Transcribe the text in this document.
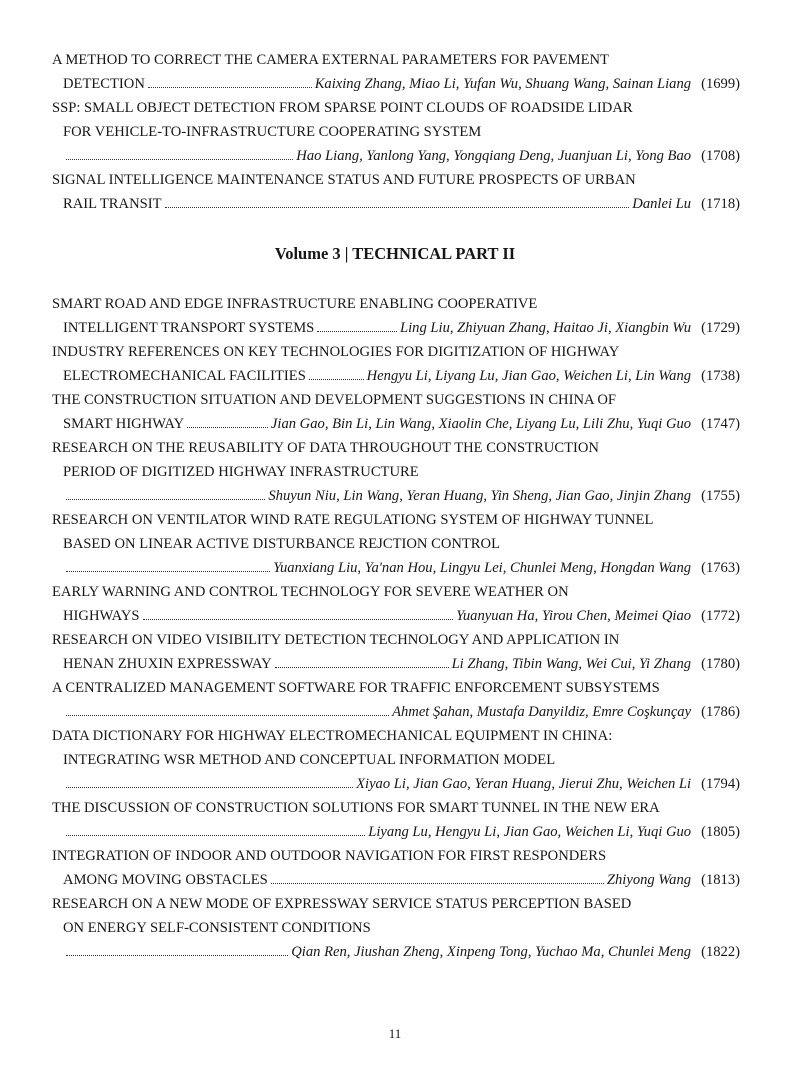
A METHOD TO CORRECT THE CAMERA EXTERNAL PARAMETERS FOR PAVEMENT
DETECTION	Kaixing Zhang, Miao Li, Yufan Wu, Shuang Wang, Sainan Liang (1699)
SSP: SMALL OBJECT DETECTION FROM SPARSE POINT CLOUDS OF ROADSIDE LIDAR
FOR VEHICLE-TO-INFRASTRUCTURE COOPERATING SYSTEM
Hao Liang, Yanlong Yang, Yongqiang Deng, Juanjuan Li, Yong Bao (1708)
SIGNAL INTELLIGENCE MAINTENANCE STATUS AND FUTURE PROSPECTS OF URBAN
RAIL TRANSIT	Danlei Lu (1718)
Volume 3 | TECHNICAL PART II
SMART ROAD AND EDGE INFRASTRUCTURE ENABLING COOPERATIVE
INTELLIGENT TRANSPORT SYSTEMS	Ling Liu, Zhiyuan Zhang, Haitao Ji, Xiangbin Wu (1729)
INDUSTRY REFERENCES ON KEY TECHNOLOGIES FOR DIGITIZATION OF HIGHWAY
ELECTROMECHANICAL FACILITIES	Hengyu Li, Liyang Lu, Jian Gao, Weichen Li, Lin Wang (1738)
THE CONSTRUCTION SITUATION AND DEVELOPMENT SUGGESTIONS IN CHINA OF
SMART HIGHWAY	Jian Gao, Bin Li, Lin Wang, Xiaolin Che, Liyang Lu, Lili Zhu, Yuqi Guo (1747)
RESEARCH ON THE REUSABILITY OF DATA THROUGHOUT THE CONSTRUCTION
PERIOD OF DIGITIZED HIGHWAY INFRASTRUCTURE
Shuyun Niu, Lin Wang, Yeran Huang, Yin Sheng, Jian Gao, Jinjin Zhang (1755)
RESEARCH ON VENTILATOR WIND RATE REGULATIONG SYSTEM OF HIGHWAY TUNNEL
BASED ON LINEAR ACTIVE DISTURBANCE REJCTION CONTROL
Yuanxiang Liu, Ya'nan Hou, Lingyu Lei, Chunlei Meng, Hongdan Wang (1763)
EARLY WARNING AND CONTROL TECHNOLOGY FOR SEVERE WEATHER ON
HIGHWAYS	Yuanyuan Ha, Yirou Chen, Meimei Qiao (1772)
RESEARCH ON VIDEO VISIBILITY DETECTION TECHNOLOGY AND APPLICATION IN
HENAN ZHUXIN EXPRESSWAY	Li Zhang, Tibin Wang, Wei Cui, Yi Zhang (1780)
A CENTRALIZED MANAGEMENT SOFTWARE FOR TRAFFIC ENFORCEMENT SUBSYSTEMS
Ahmet Şahan, Mustafa Danyildiz, Emre Coşkunçay (1786)
DATA DICTIONARY FOR HIGHWAY ELECTROMECHANICAL EQUIPMENT IN CHINA:
INTEGRATING WSR METHOD AND CONCEPTUAL INFORMATION MODEL
Xiyao Li, Jian Gao, Yeran Huang, Jierui Zhu, Weichen Li (1794)
THE DISCUSSION OF CONSTRUCTION SOLUTIONS FOR SMART TUNNEL IN THE NEW ERA
Liyang Lu, Hengyu Li, Jian Gao, Weichen Li, Yuqi Guo (1805)
INTEGRATION OF INDOOR AND OUTDOOR NAVIGATION FOR FIRST RESPONDERS
AMONG MOVING OBSTACLES	Zhiyong Wang (1813)
RESEARCH ON A NEW MODE OF EXPRESSWAY SERVICE STATUS PERCEPTION BASED
ON ENERGY SELF-CONSISTENT CONDITIONS
Qian Ren, Jiushan Zheng, Xinpeng Tong, Yuchao Ma, Chunlei Meng (1822)
11
